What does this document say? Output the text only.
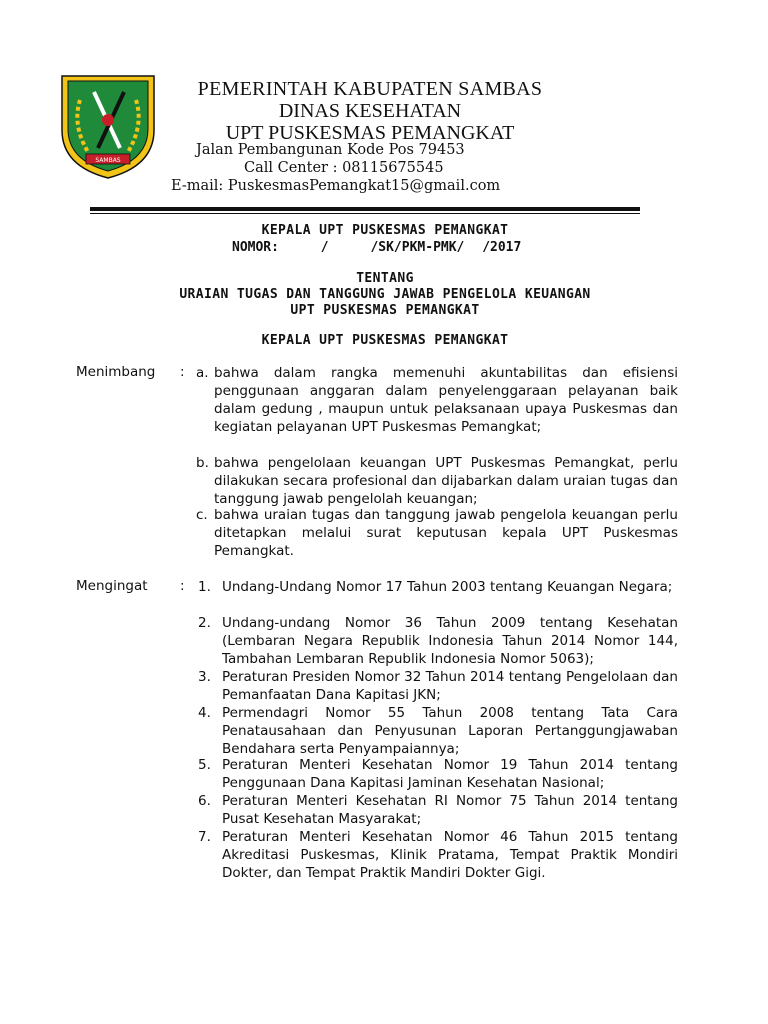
SAMBAS
PEMERINTAH KABUPATEN SAMBAS
DINAS KESEHATAN
UPT PUSKESMAS PEMANGKAT
Jalan Pembangunan Kode Pos 79453
Call Center : 08115675545
E-mail: PuskesmasPemangkat15@gmail.com
KEPALA UPT PUSKESMAS PEMANGKAT
NOMOR:	/	/SK/PKM-PMK/ /2017
TENTANG
URAIAN TUGAS DAN TANGGUNG JAWAB PENGELOLA KEUANGAN
UPT PUSKESMAS PEMANGKAT
KEPALA UPT PUSKESMAS PEMANGKAT
Menimbang : a. bahwa dalam rangka memenuhi akuntabilitas dan efisiensi penggunaan anggaran dalam penyelenggaraan pelayanan baik dalam gedung , maupun untuk pelaksanaan upaya Puskesmas dan kegiatan pelayanan UPT Puskesmas Pemangkat;
b. bahwa pengelolaan keuangan UPT Puskesmas Pemangkat, perlu dilakukan secara profesional dan dijabarkan dalam uraian tugas dan tanggung jawab pengelolah keuangan;
c. bahwa uraian tugas dan tanggung jawab pengelola keuangan perlu ditetapkan melalui surat keputusan kepala UPT Puskesmas Pemangkat.
Mengingat : 1. Undang-Undang Nomor 17 Tahun 2003 tentang Keuangan Negara;
2. Undang-undang Nomor 36 Tahun 2009 tentang Kesehatan (Lembaran Negara Republik Indonesia Tahun 2014 Nomor 144, Tambahan Lembaran Republik Indonesia Nomor 5063);
3. Peraturan Presiden Nomor 32 Tahun 2014 tentang Pengelolaan dan Pemanfaatan Dana Kapitasi JKN;
4. Permendagri Nomor 55 Tahun 2008 tentang Tata Cara Penatausahaan dan Penyusunan Laporan Pertanggungjawaban Bendahara serta Penyampaiannya;
5. Peraturan Menteri Kesehatan Nomor 19 Tahun 2014 tentang Penggunaan Dana Kapitasi Jaminan Kesehatan Nasional;
6. Peraturan Menteri Kesehatan RI Nomor 75 Tahun 2014 tentang Pusat Kesehatan Masyarakat;
7. Peraturan Menteri Kesehatan Nomor 46 Tahun 2015 tentang Akreditasi Puskesmas, Klinik Pratama, Tempat Praktik Mondiri Dokter, dan Tempat Praktik Mandiri Dokter Gigi.
